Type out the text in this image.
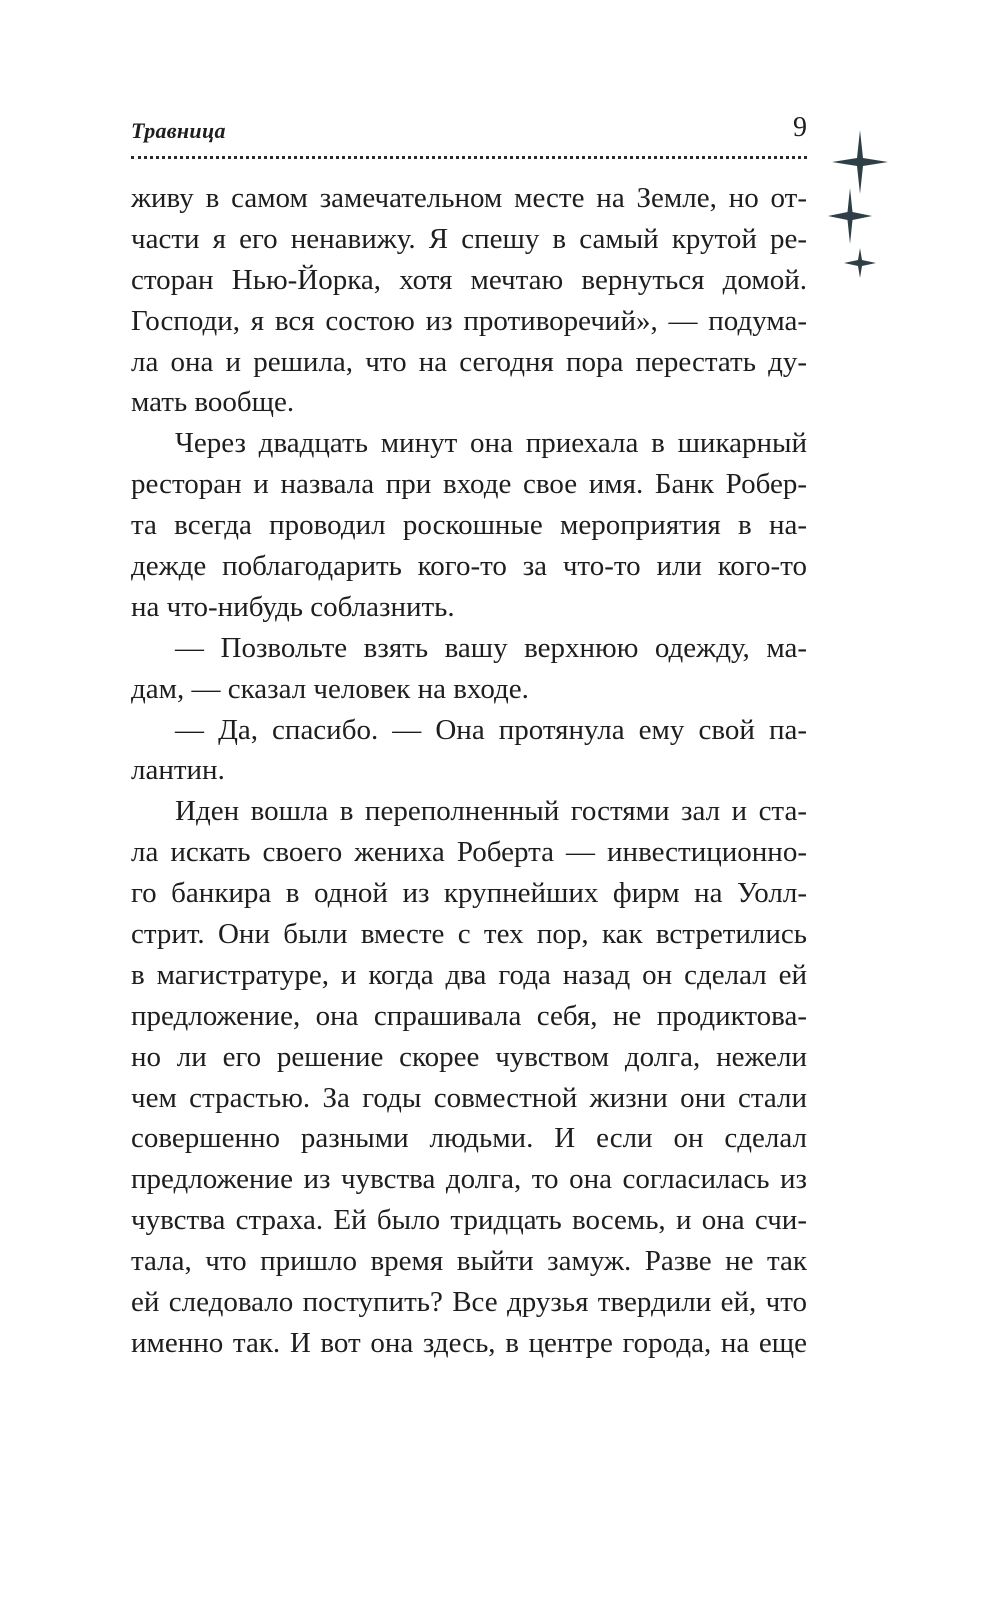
Травница	9
живу в самом замечательном месте на Земле, но от-
части я его ненавижу. Я спешу в самый крутой ре-
сторан Нью-Йорка, хотя мечтаю вернуться домой.
Господи, я вся состою из противоречий», — подума-
ла она и решила, что на сегодня пора перестать ду-
мать вообще.
Через двадцать минут она приехала в шикарный
ресторан и назвала при входе свое имя. Банк Робер-
та всегда проводил роскошные мероприятия в на-
дежде поблагодарить кого-то за что-то или кого-то
на что-нибудь соблазнить.
— Позвольте взять вашу верхнюю одежду, ма-
дам, — сказал человек на входе.
— Да, спасибо. — Она протянула ему свой па-
лантин.
Иден вошла в переполненный гостями зал и ста-
ла искать своего жениха Роберта — инвестиционно-
го банкира в одной из крупнейших фирм на Уолл-
стрит. Они были вместе с тех пор, как встретились
в магистратуре, и когда два года назад он сделал ей
предложение, она спрашивала себя, не продиктова-
но ли его решение скорее чувством долга, нежели
чем страстью. За годы совместной жизни они стали
совершенно разными людьми. И если он сделал
предложение из чувства долга, то она согласилась из
чувства страха. Ей было тридцать восемь, и она счи-
тала, что пришло время выйти замуж. Разве не так
ей следовало поступить? Все друзья твердили ей, что
именно так. И вот она здесь, в центре города, на еще
